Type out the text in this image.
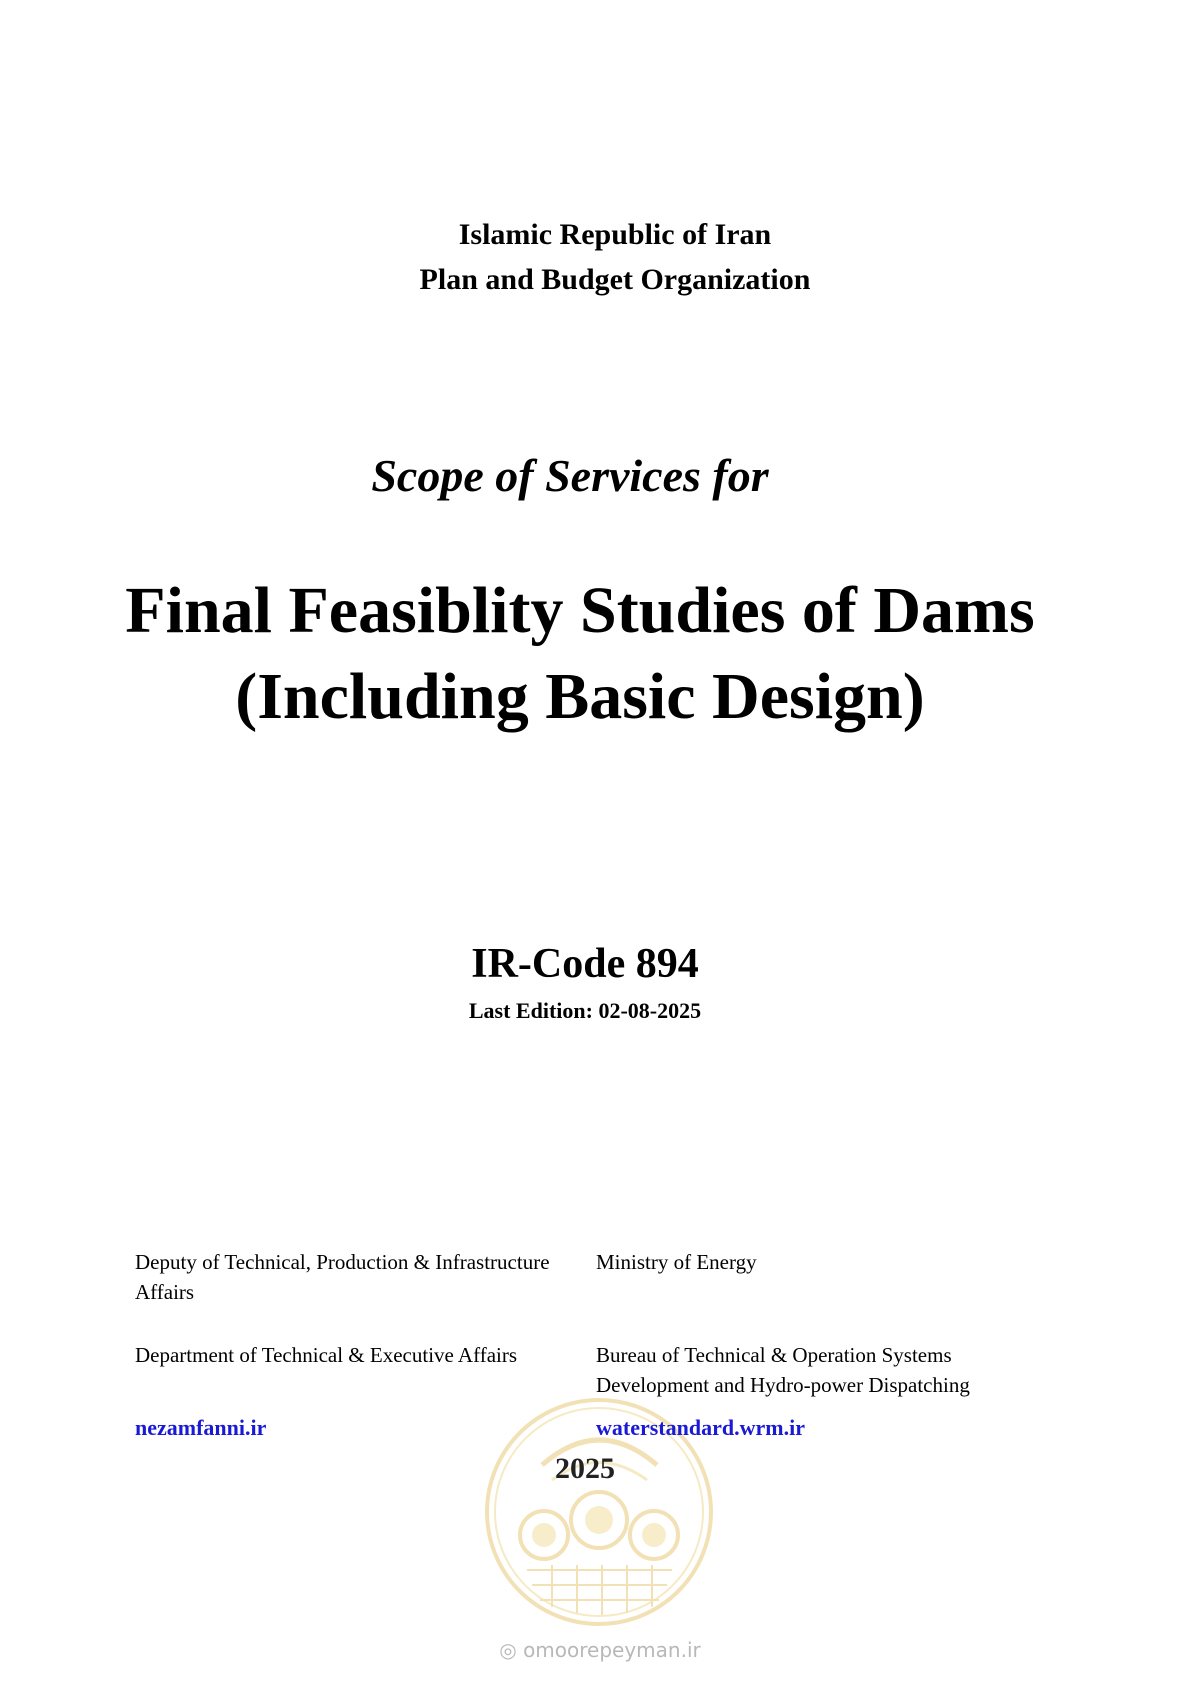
Islamic Republic of Iran
Plan and Budget Organization
Scope of Services for
Final Feasiblity Studies of Dams
(Including Basic Design)
IR-Code 894
Last Edition: 02-08-2025
Deputy of Technical, Production & Infrastructure Affairs
Department of Technical & Executive Affairs
nezamfanni.ir
Ministry of Energy
Bureau of Technical & Operation Systems Development and Hydro-power Dispatching
waterstandard.wrm.ir
2025
◎ omoorepeyman.ir
